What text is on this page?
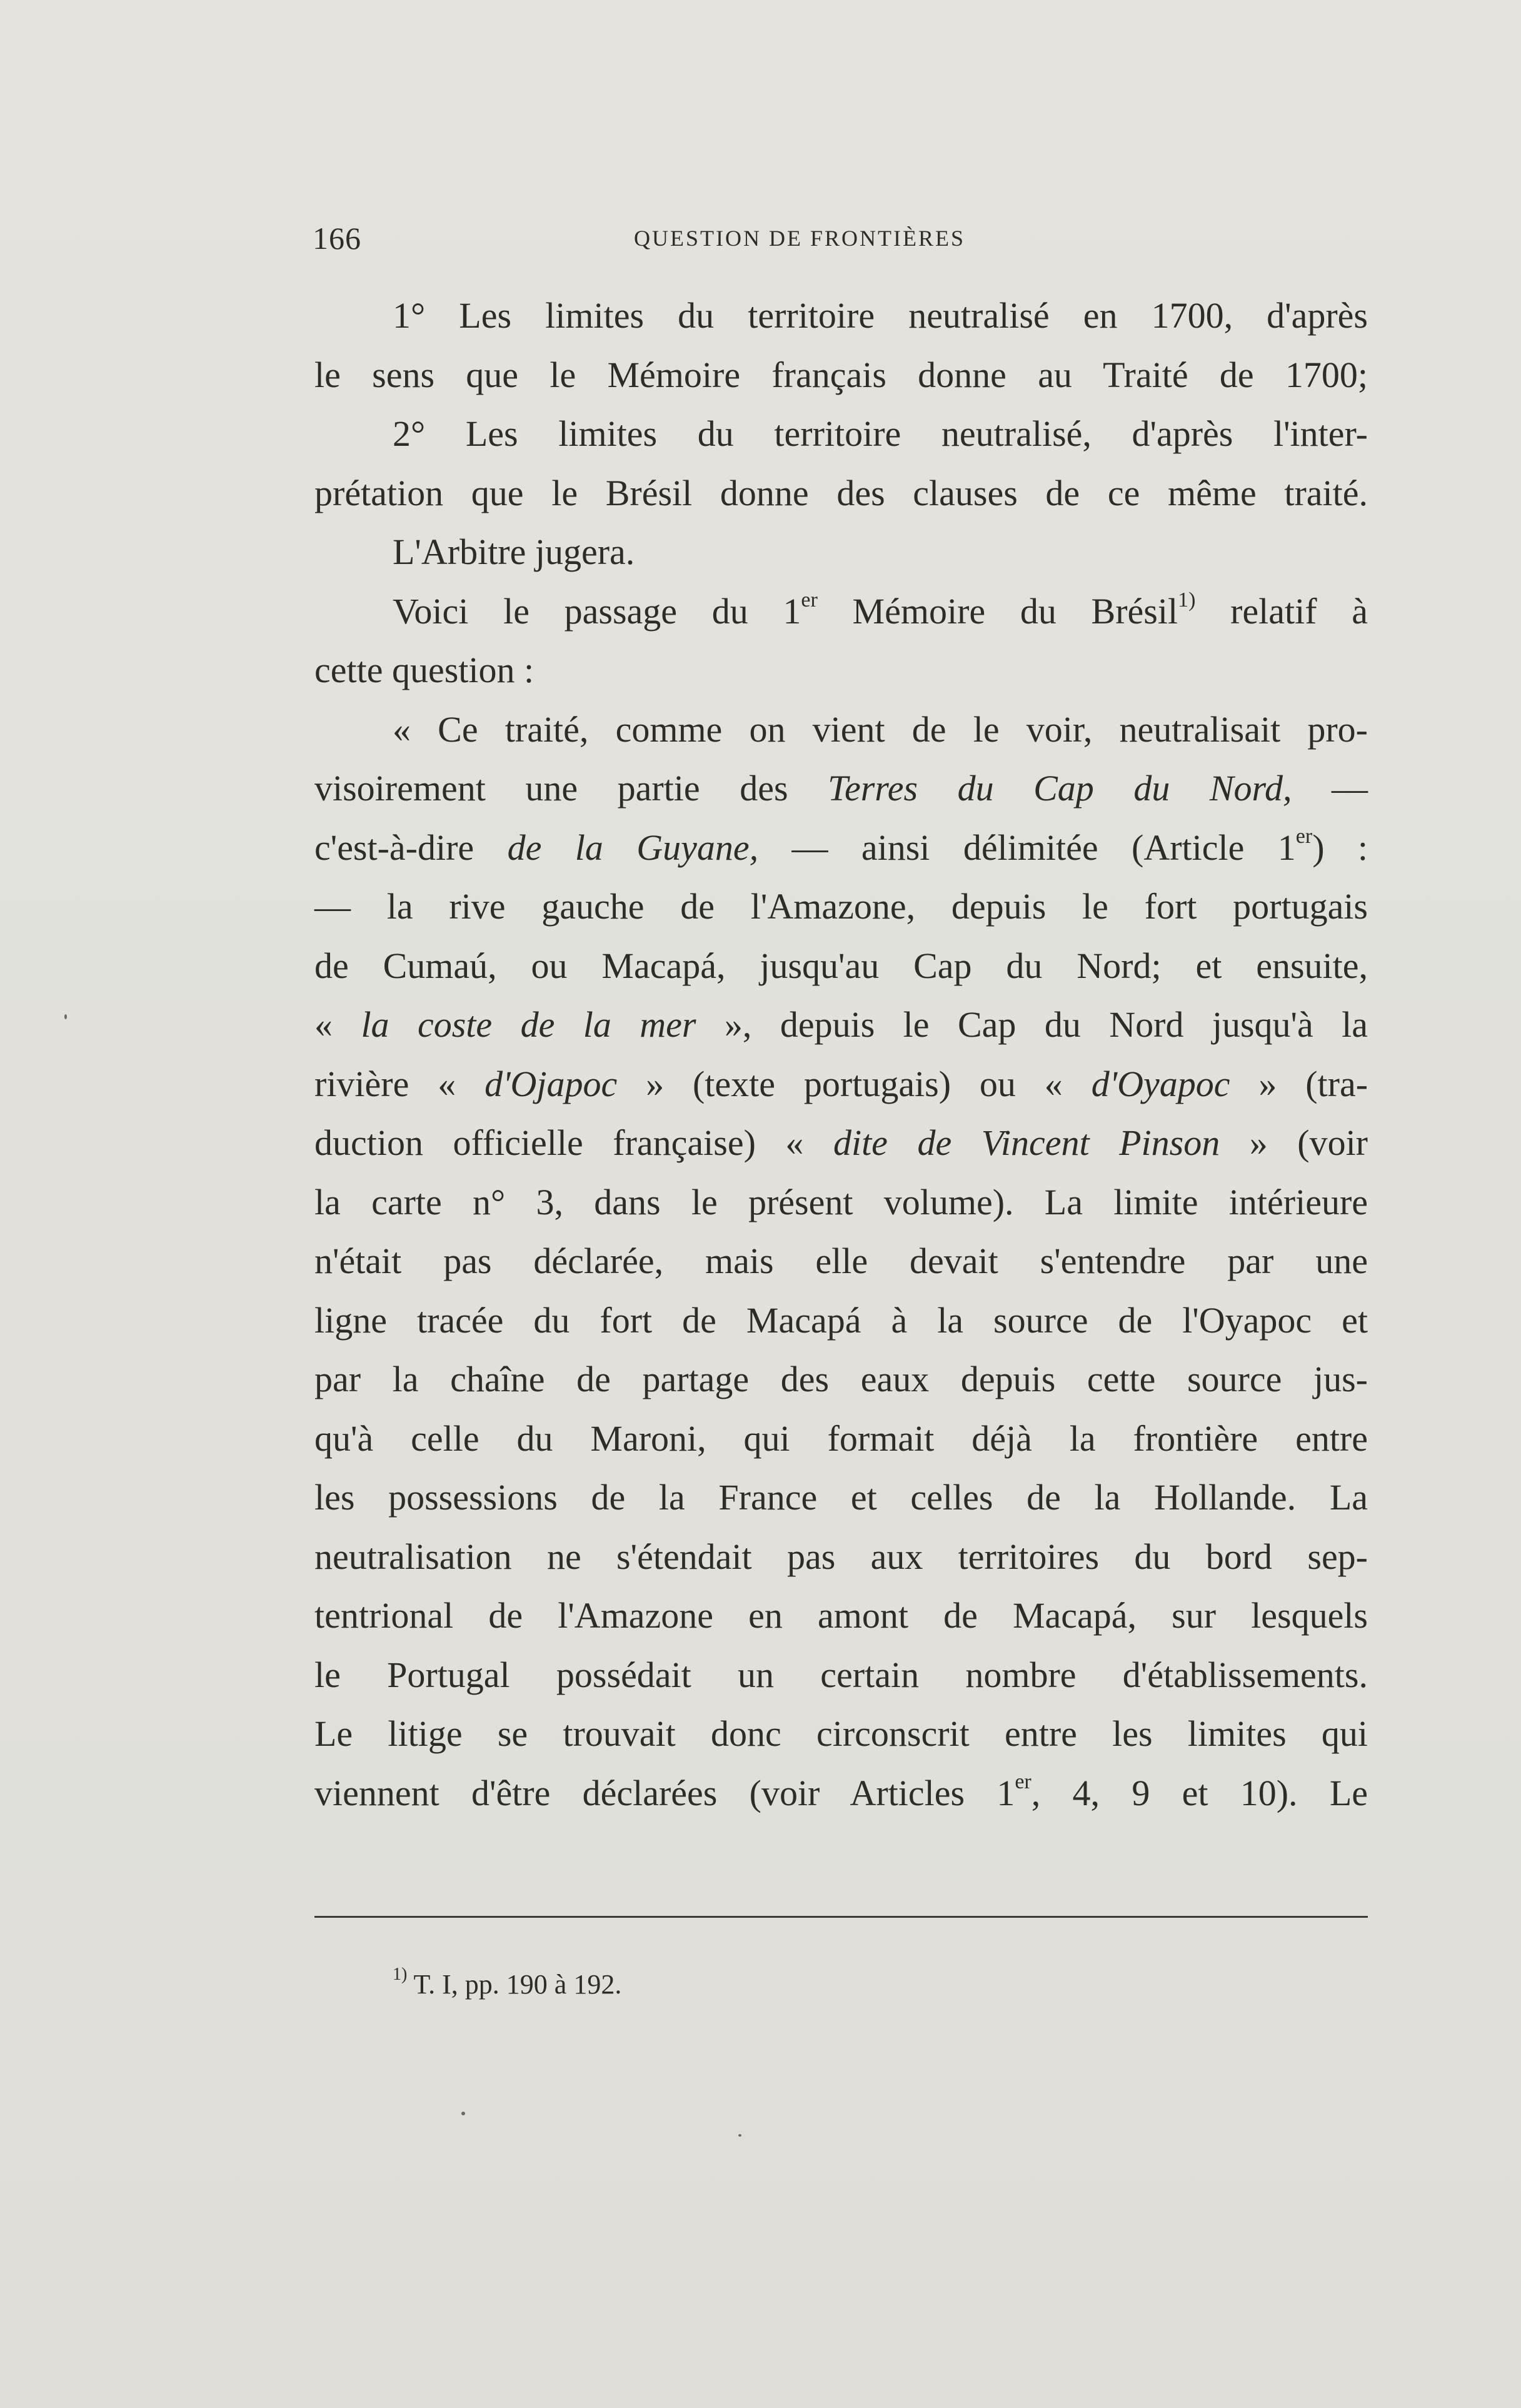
166	QUESTION DE FRONTIÈRES
1° Les limites du territoire neutralisé en 1700, d'après
le sens que le Mémoire français donne au Traité de 1700;
2° Les limites du territoire neutralisé, d'après l'inter-
prétation que le Brésil donne des clauses de ce même traité.
L'Arbitre jugera.
Voici le passage du 1er Mémoire du Brésil$^{1)}$ relatif à
cette question :
« Ce traité, comme on vient de le voir, neutralisait pro-
visoirement une partie des Terres du Cap du Nord, —
c'est-à-dire de la Guyane, — ainsi délimitée (Article 1er) :
— la rive gauche de l'Amazone, depuis le fort portugais
de Cumaú, ou Macapá, jusqu'au Cap du Nord; et ensuite,
« la coste de la mer », depuis le Cap du Nord jusqu'à la
rivière « d'Ojapoc » (texte portugais) ou « d'Oyapoc » (tra-
duction officielle française) « dite de Vincent Pinson » (voir
la carte n° 3, dans le présent volume). La limite intérieure
n'était pas déclarée, mais elle devait s'entendre par une
ligne tracée du fort de Macapá à la source de l'Oyapoc et
par la chaîne de partage des eaux depuis cette source jus-
qu'à celle du Maroni, qui formait déjà la frontière entre
les possessions de la France et celles de la Hollande. La
neutralisation ne s'étendait pas aux territoires du bord sep-
tentrional de l'Amazone en amont de Macapá, sur lesquels
le Portugal possédait un certain nombre d'établissements.
Le litige se trouvait donc circonscrit entre les limites qui
viennent d'être déclarées (voir Articles 1er, 4, 9 et 10). Le
$^{1)}$ T. I, pp. 190 à 192.
